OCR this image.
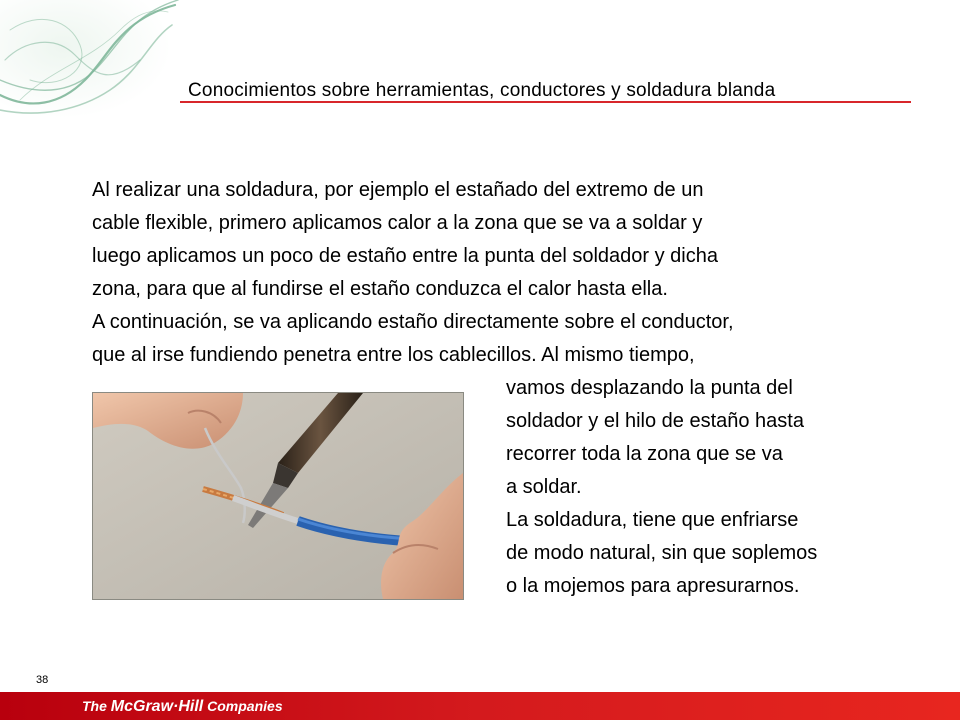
Conocimientos sobre herramientas, conductores y soldadura blanda
Al realizar una soldadura, por ejemplo el estañado del extremo de un
cable flexible, primero aplicamos calor a la zona que se va a soldar y
luego aplicamos un poco de estaño entre la punta del soldador y dicha
zona, para que al fundirse el estaño conduzca el calor hasta ella.
A continuación, se va aplicando estaño directamente sobre el conductor,
que al irse fundiendo penetra entre los cablecillos. Al mismo tiempo,
vamos desplazando la punta del
soldador y el hilo de estaño hasta
recorrer toda la zona que se va
a soldar.
La soldadura, tiene que enfriarse
de modo natural, sin que soplemos
o la mojemos para apresurarnos.
38
The McGraw·Hill Companies
